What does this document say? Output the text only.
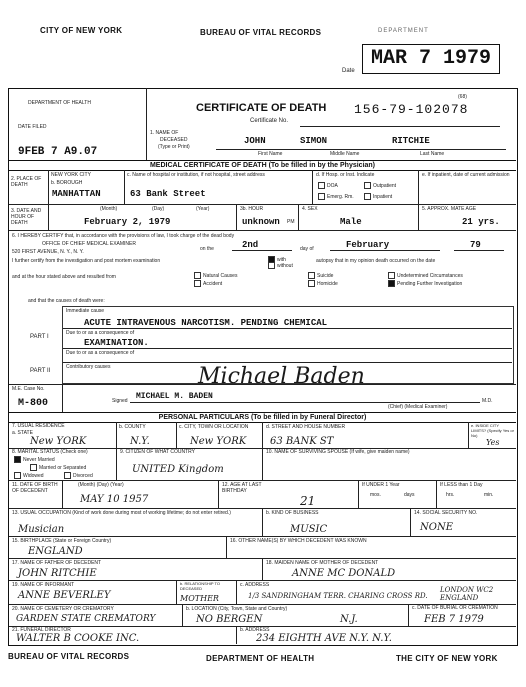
CITY OF NEW YORK	BUREAU OF VITAL RECORDS	DEPARTMENT
Date
MAR 7 1979
DEPARTMENT OF HEALTH
DATE FILED
9FEB 7 A9.07
CERTIFICATE OF DEATH
Certificate No.
156-79-102078
(68)
1. NAME OF
DECEASED
(Type or Print)
JOHN	SIMON	RITCHIE
First Name	Middle Name	Last Name
MEDICAL CERTIFICATE OF DEATH (To be filled in by the Physician)
2. PLACE OF DEATH
NEW YORK CITY
b. BOROUGH
MANHATTAN
c. Name of hospital or institution, if not hospital, street address
63 Bank Street
d. If Hosp. or Inst. Indicate
DOA	Outpatient
Emerg. Rm.	Inpatient
e. If inpatient, date of current admission
3. DATE AND HOUR OF DEATH
(Month)	(Day)	(Year)
February 2, 1979
3b. HOUR
unknown PM
4. SEX
Male
5. APPROX. MATE AGE
21 yrs.
6. I HEREBY CERTIFY that, in accordance with the provisions of law, I took charge of the dead body
OFFICE OF CHIEF MEDICAL EXAMINER
520 FIRST AVENUE, N. Y., N. Y.	on the	2nd	day of	February	79
I further certify from the investigation and post mortem examination	with
without
autopsy that in my opinion death occurred on the date
and at the hour stated above and resulted from	Natural Causes
Accident
Suicide
Homicide
Undetermined Circumstances
Pending Further Investigation
and that the causes of death were:
PART I
Immediate cause
ACUTE INTRAVENOUS NARCOTISM. PENDING CHEMICAL
Due to or as a consequence of
EXAMINATION.
Due to or as a consequence of
PART II
Contributory causes
M.E. Case No.
M-800
Michael Baden
Signed MICHAEL M. BADEN	M.D.
(Chief) (Medical Examiner)
PERSONAL PARTICULARS (To be filled in by Funeral Director)
7. USUAL RESIDENCE
a. STATE
New YORK
b. COUNTY
N.Y.
c. CITY, TOWN OR LOCATION
New YORK
d. STREET AND HOUSE NUMBER
63 BANK ST
e. INSIDE CITY LIMITS? (Specify Yes or No)
Yes
8. MARITAL STATUS (Check one)
Never Married
Married or Separated
Widowed	Divorced
9. CITIZEN OF WHAT COUNTRY
UNITED Kingdom
10. NAME OF SURVIVING SPOUSE (If wife, give maiden name)
11. DATE OF BIRTH OF DECEDENT
(Month) (Day) (Year)
MAY 10 1957
12. AGE AT LAST BIRTHDAY
21
If UNDER 1 Year
mos.	days
If LESS than 1 Day
hrs.	min.
13. USUAL OCCUPATION (Kind of work done during most of working lifetime; do not enter retired.)
Musician
b. KIND OF BUSINESS
MUSIC
14. SOCIAL SECURITY NO.
NONE
15. BIRTHPLACE (State or Foreign Country)
ENGLAND
16. OTHER NAME(S) BY WHICH DECEDENT WAS KNOWN
17. NAME OF FATHER OF DECEDENT
JOHN RITCHIE
18. MAIDEN NAME OF MOTHER OF DECEDENT
ANNE MC DONALD
19. NAME OF INFORMANT
ANNE BEVERLEY
b. RELATIONSHIP TO DECEASED
MOTHER
c. ADDRESS
1/3 SANDRINGHAM TERR. CHARING CROSS RD.
LONDON WC2 ENGLAND
20. NAME OF CEMETERY OR CREMATORY
GARDEN STATE CREMATORY
b. LOCATION (City, Town, State and Country)
NO BERGEN	N.J.
c. DATE OF BURIAL OR CREMATION
FEB 7 1979
21. FUNERAL DIRECTOR
WALTER B COOKE INC.
b. ADDRESS
234 EIGHTH AVE N.Y. N.Y.
BUREAU OF VITAL RECORDS	DEPARTMENT OF HEALTH	THE CITY OF NEW YORK
